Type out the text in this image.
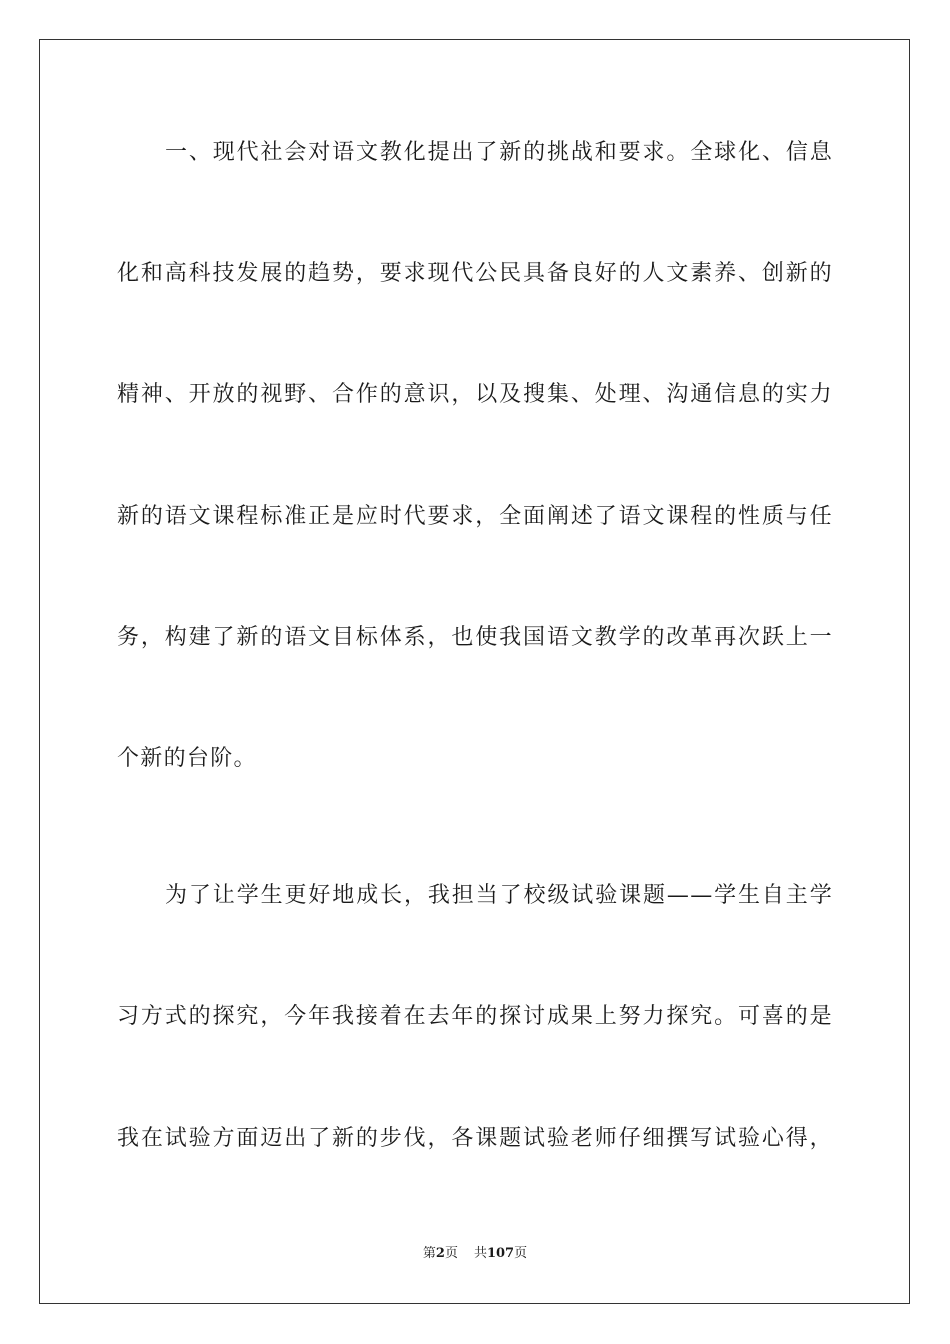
一、现代社会对语文教化提出了新的挑战和要求。全球化、信息
化和高科技发展的趋势，要求现代公民具备良好的人文素养、创新的
精神、开放的视野、合作的意识，以及搜集、处理、沟通信息的实力
新的语文课程标准正是应时代要求，全面阐述了语文课程的性质与任
务，构建了新的语文目标体系，也使我国语文教学的改革再次跃上一
个新的台阶。
为了让学生更好地成长，我担当了校级试验课题——学生自主学
习方式的探究，今年我接着在去年的探讨成果上努力探究。可喜的是
我在试验方面迈出了新的步伐，各课题试验老师仔细撰写试验心得，
第2页 共107页
